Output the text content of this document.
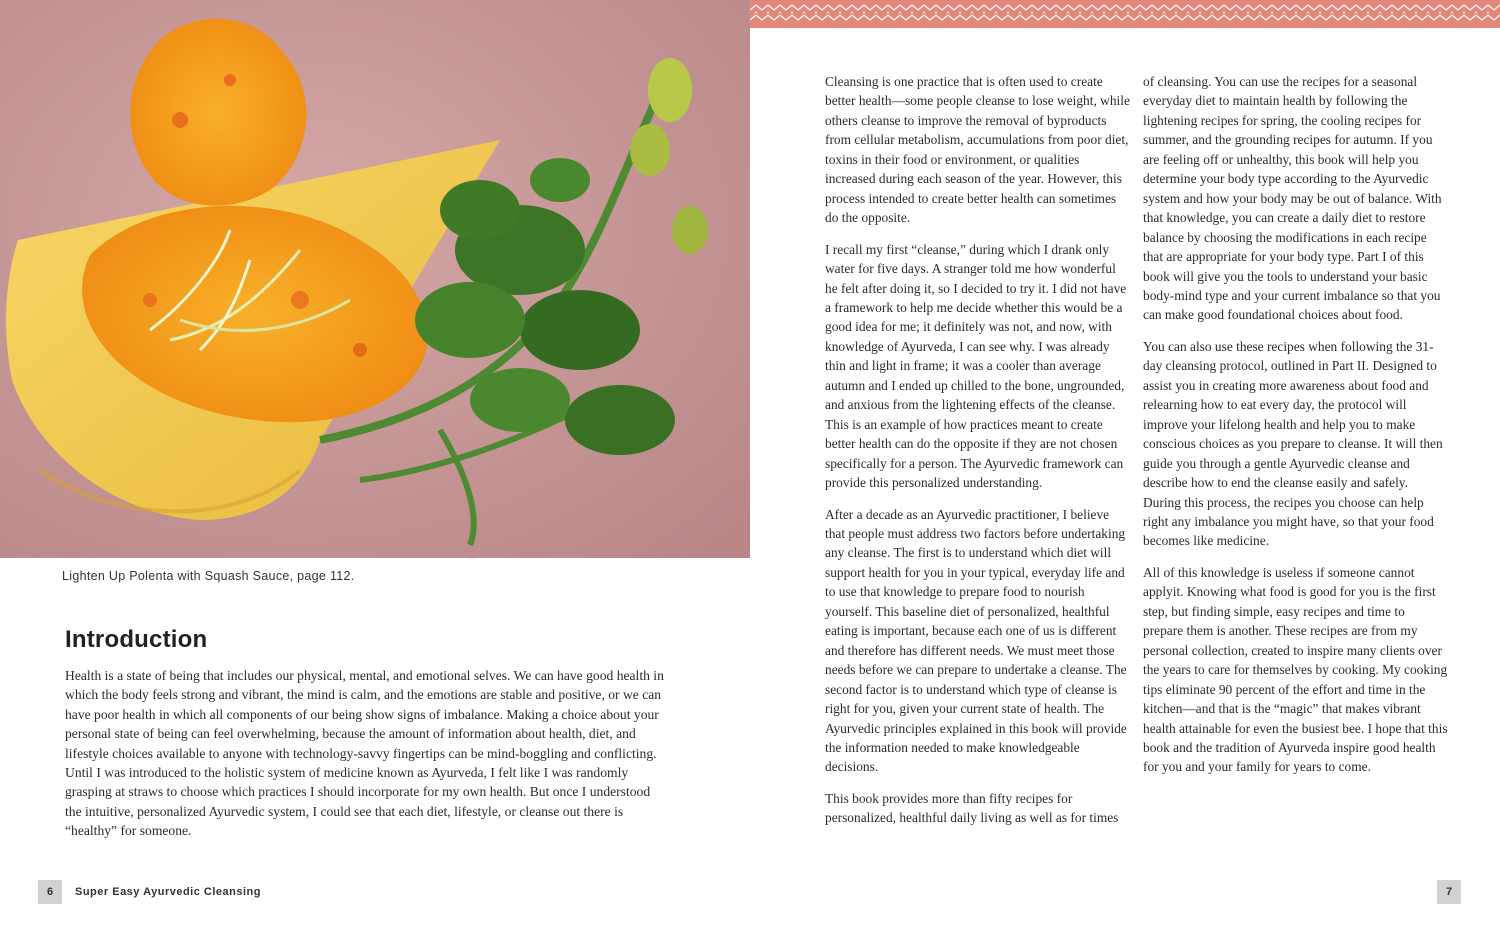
Lighten Up Polenta with Squash Sauce, page 112.
Introduction

Health is a state of being that includes our physical, mental, and emotional selves. We can have good health in which the body feels strong and vibrant, the mind is calm, and the emotions are stable and positive, or we can have poor health in which all components of our being show signs of imbalance. Making a choice about your personal state of being can feel overwhelming, because the amount of information about health, diet, and lifestyle choices available to anyone with technology-savvy fingertips can be mind-boggling and conflicting. Until I was introduced to the holistic system of medicine known as Ayurveda, I felt like I was randomly grasping at straws to choose which practices I should incorporate for my own health. But once I understood the intuitive, personalized Ayurvedic system, I could see that each diet, lifestyle, or cleanse out there is “healthy” for someone.

6	Super Easy Ayurvedic Cleansing

Cleansing is one practice that is often used to create better health—some people cleanse to lose weight, while others cleanse to improve the removal of byproducts from cellular metabolism, accumulations from poor diet, toxins in their food or environment, or qualities increased during each season of the year. However, this process intended to create better health can sometimes do the opposite.

I recall my first “cleanse,” during which I drank only water for five days. A stranger told me how wonderful he felt after doing it, so I decided to try it. I did not have a framework to help me decide whether this would be a good idea for me; it definitely was not, and now, with knowledge of Ayurveda, I can see why. I was already thin and light in frame; it was a cooler than average autumn and I ended up chilled to the bone, ungrounded, and anxious from the lightening effects of the cleanse. This is an example of how practices meant to create better health can do the opposite if they are not chosen specifically for a person. The Ayurvedic framework can provide this personalized understanding.

After a decade as an Ayurvedic practitioner, I believe that people must address two factors before undertaking any cleanse. The first is to understand which diet will support health for you in your typical, everyday life and to use that knowledge to prepare food to nourish yourself. This baseline diet of personalized, healthful eating is important, because each one of us is different and therefore has different needs. We must meet those needs before we can prepare to undertake a cleanse. The second factor is to understand which type of cleanse is right for you, given your current state of health. The Ayurvedic principles explained in this book will provide the information needed to make knowledgeable decisions.

This book provides more than fifty recipes for personalized, healthful daily living as well as for times

of cleansing. You can use the recipes for a seasonal everyday diet to maintain health by following the lightening recipes for spring, the cooling recipes for summer, and the grounding recipes for autumn. If you are feeling off or unhealthy, this book will help you determine your body type according to the Ayurvedic system and how your body may be out of balance. With that knowledge, you can create a daily diet to restore balance by choosing the modifications in each recipe that are appropriate for your body type. Part I of this book will give you the tools to understand your basic body-mind type and your current imbalance so that you can make good foundational choices about food.

You can also use these recipes when following the 31-day cleansing protocol, outlined in Part II. Designed to assist you in creating more awareness about food and relearning how to eat every day, the protocol will improve your lifelong health and help you to make conscious choices as you prepare to cleanse. It will then guide you through a gentle Ayurvedic cleanse and describe how to end the cleanse easily and safely. During this process, the recipes you choose can help right any imbalance you might have, so that your food becomes like medicine.

All of this knowledge is useless if someone cannot applyit. Knowing what food is good for you is the first step, but finding simple, easy recipes and time to prepare them is another. These recipes are from my personal collection, created to inspire many clients over the years to care for themselves by cooking. My cooking tips eliminate 90 percent of the effort and time in the kitchen—and that is the “magic” that makes vibrant health attainable for even the busiest bee. I hope that this book and the tradition of Ayurveda inspire good health for you and your family for years to come.

7
